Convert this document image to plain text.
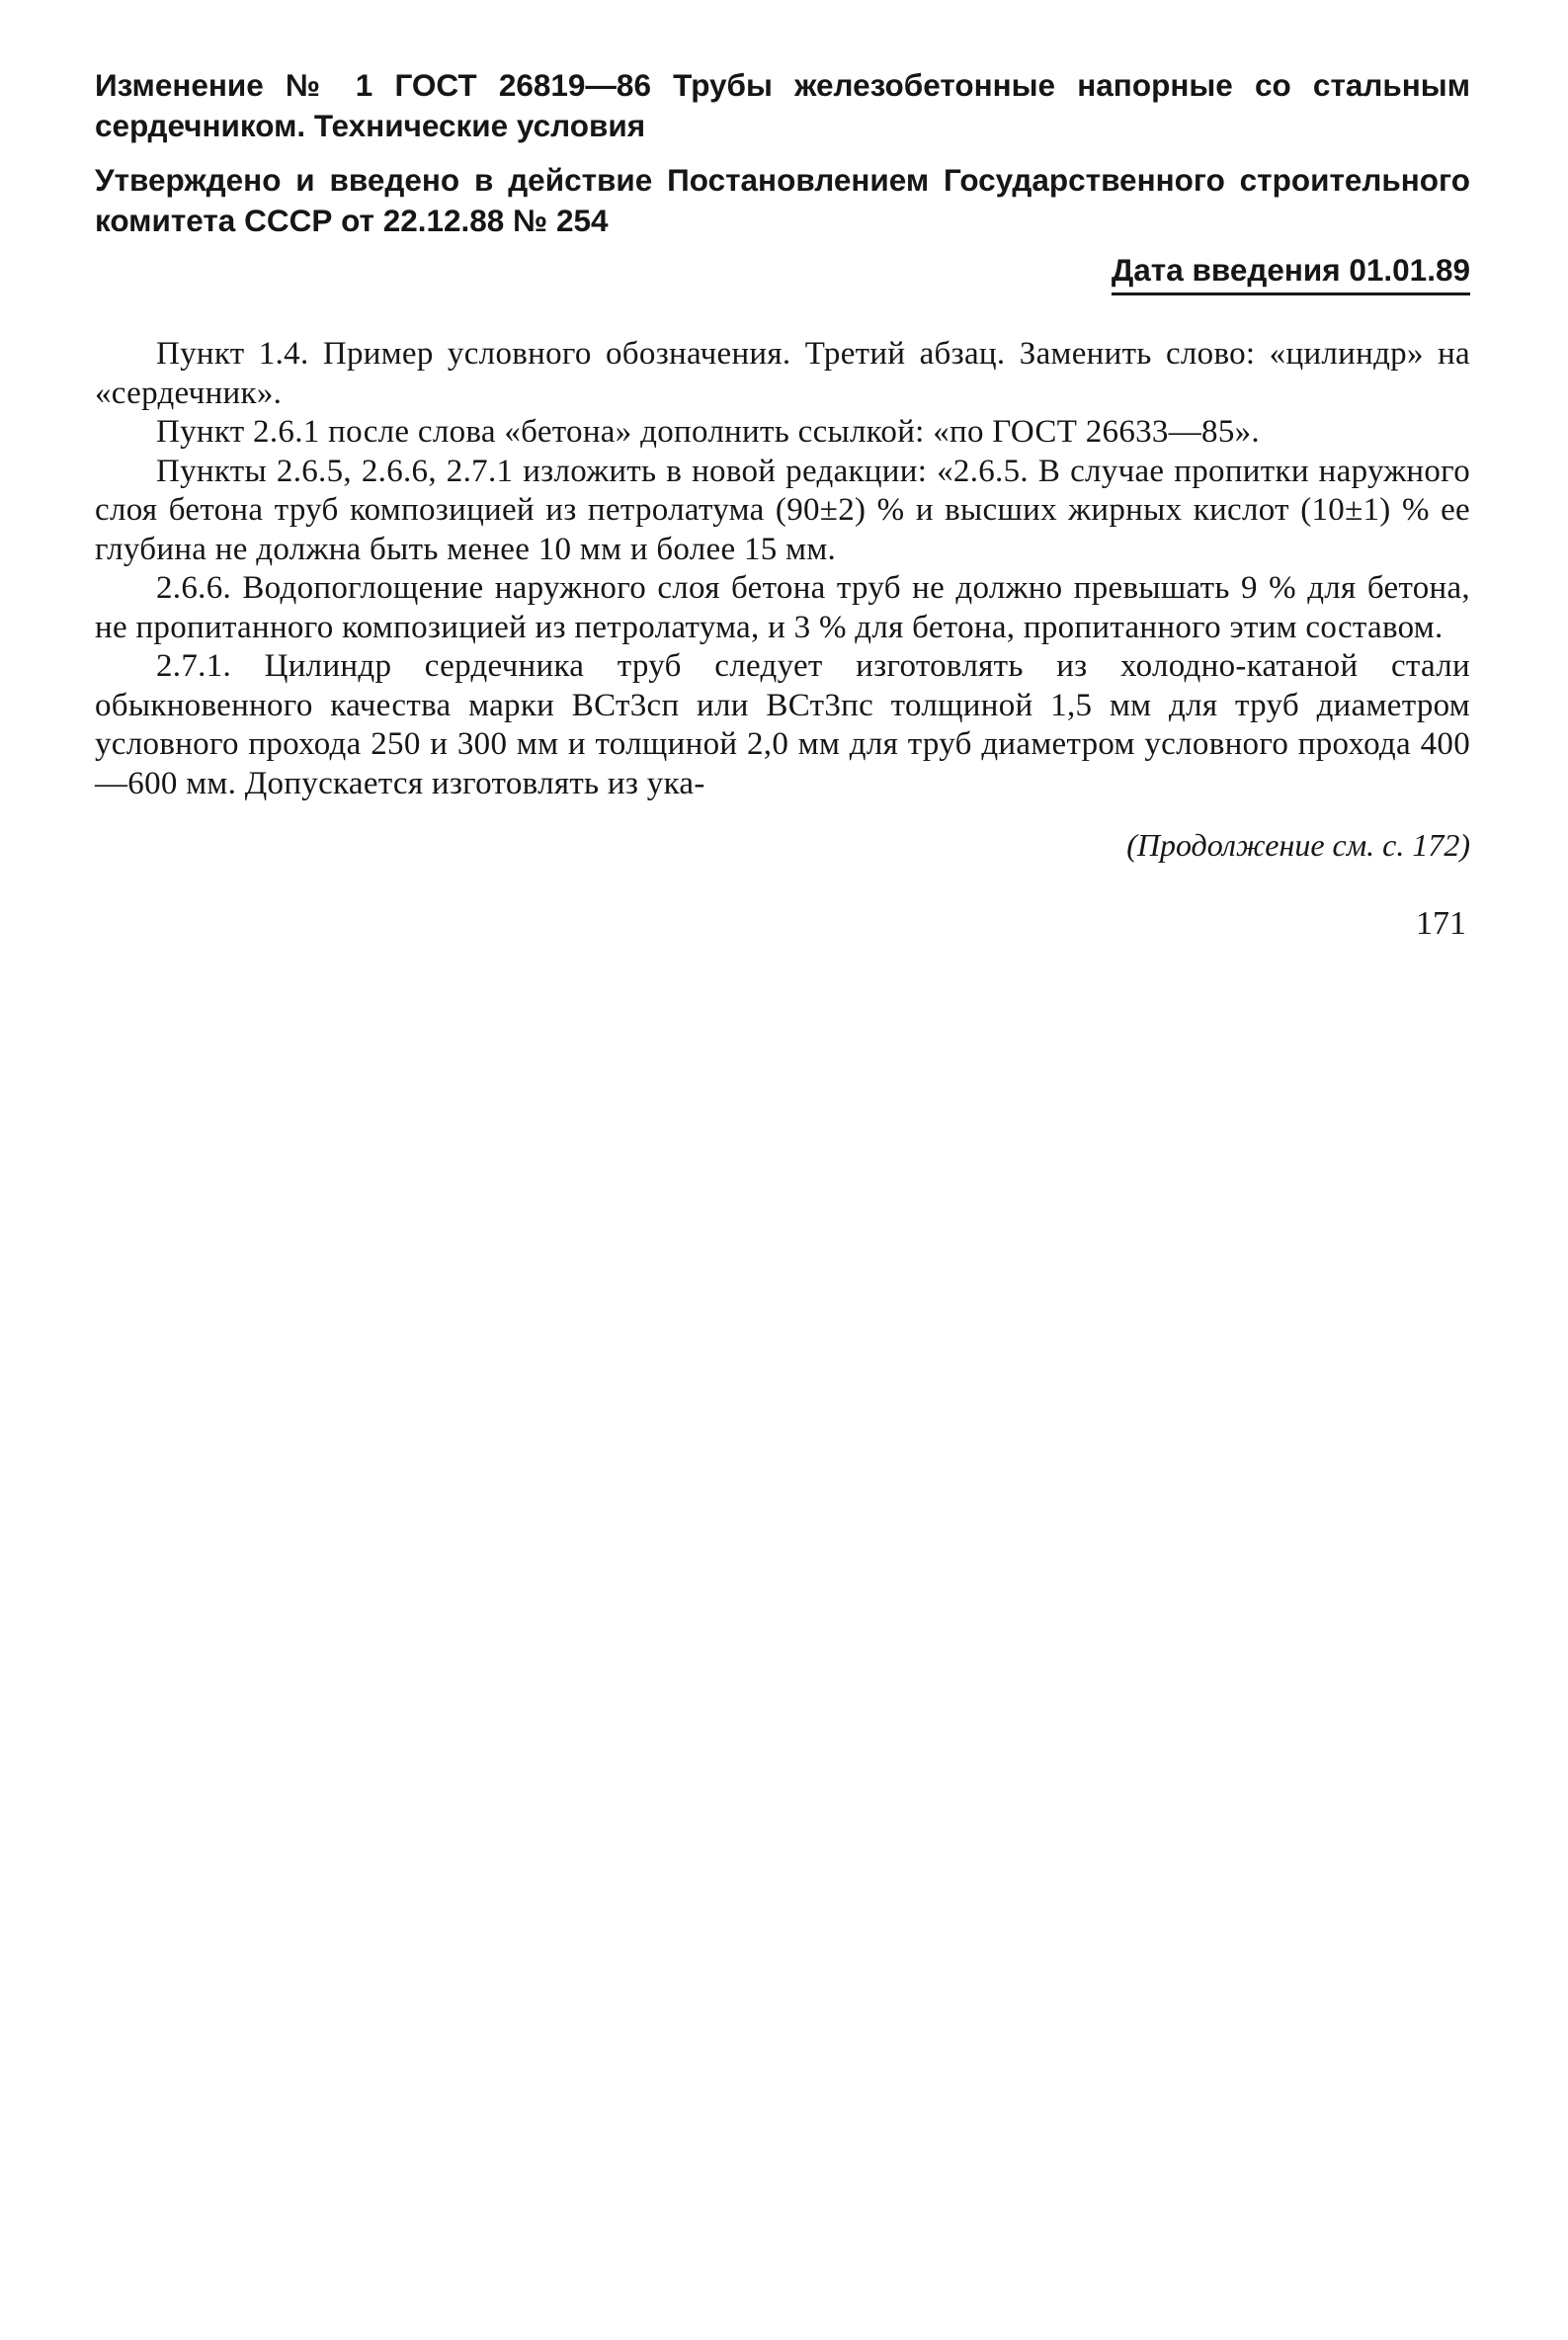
Изменение № 1 ГОСТ 26819—86 Трубы железобетонные напорные со стальным сердечником. Технические условия

Утверждено и введено в действие Постановлением Государственного строительного комитета СССР от 22.12.88 № 254

Дата введения 01.01.89

Пункт 1.4. Пример условного обозначения. Третий абзац. Заменить слово: «цилиндр» на «сердечник».

Пункт 2.6.1 после слова «бетона» дополнить ссылкой: «по ГОСТ 26633—85».

Пункты 2.6.5, 2.6.6, 2.7.1 изложить в новой редакции: «2.6.5. В случае пропитки наружного слоя бетона труб композицией из петролатума (90±2) % и высших жирных кислот (10±1) % ее глубина не должна быть менее 10 мм и более 15 мм.

2.6.6. Водопоглощение наружного слоя бетона труб не должно превышать 9 % для бетона, не пропитанного композицией из петролатума, и 3 % для бетона, пропитанного этим составом.

2.7.1. Цилиндр сердечника труб следует изготовлять из холодно-катаной стали обыкновенного качества марки ВСт3сп или ВСт3пс толщиной 1,5 мм для труб диаметром условного прохода 250 и 300 мм и толщиной 2,0 мм для труб диаметром условного прохода 400—600 мм. Допускается изготовлять из ука-

(Продолжение см. с. 172)

171
